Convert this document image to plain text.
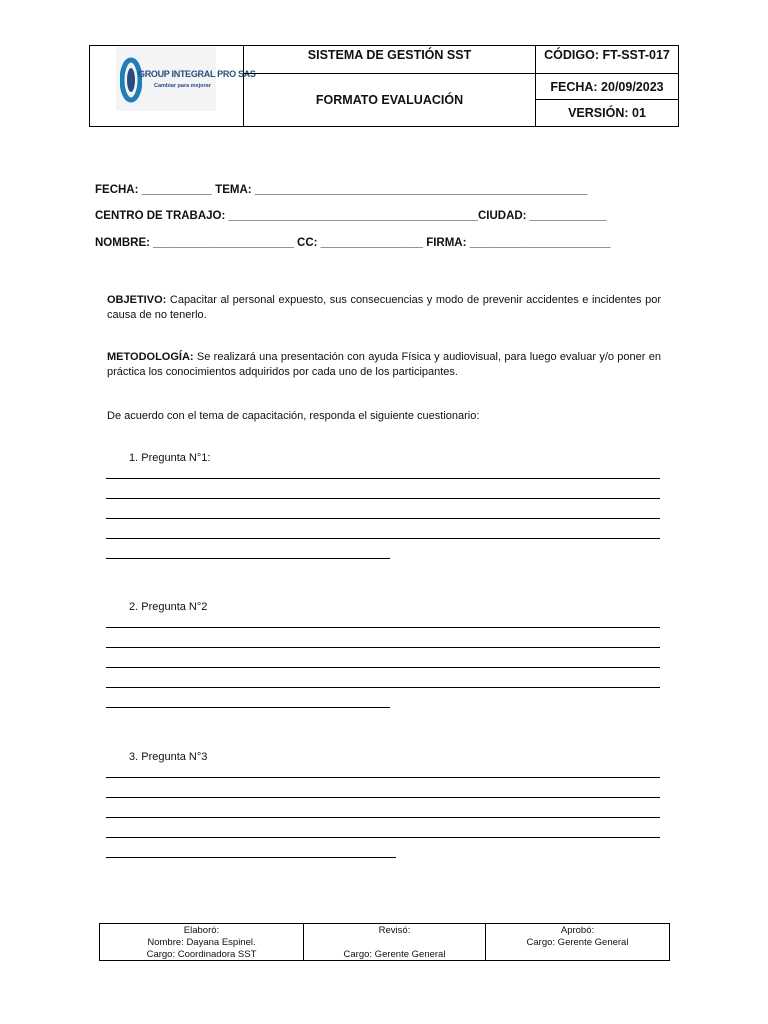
GROUP INTEGRAL PRO SAS
Cambiar para mejorar
SISTEMA DE GESTIÓN SST
FORMATO EVALUACIÓN
CÓDIGO: FT-SST-017
FECHA: 20/09/2023
VERSIÓN: 01
FECHA: ___________ TEMA: ____________________________________________________
CENTRO DE TRABAJO: _______________________________________CIUDAD: ____________
NOMBRE: ______________________ CC: ________________ FIRMA: ______________________
OBJETIVO: Capacitar al personal expuesto, sus consecuencias y modo de prevenir accidentes e incidentes por causa de no tenerlo.
METODOLOGÍA: Se realizará una presentación con ayuda Física y audiovisual, para luego evaluar y/o poner en práctica los conocimientos adquiridos por cada uno de los participantes.
De acuerdo con el tema de capacitación, responda el siguiente cuestionario:
1. Pregunta N°1:
2. Pregunta N°2
3. Pregunta N°3
Elaboró:
Nombre: Dayana Espinel.
Cargo: Coordinadora SST
Revisó:
Cargo: Gerente General
Aprobó:
Cargo: Gerente General
